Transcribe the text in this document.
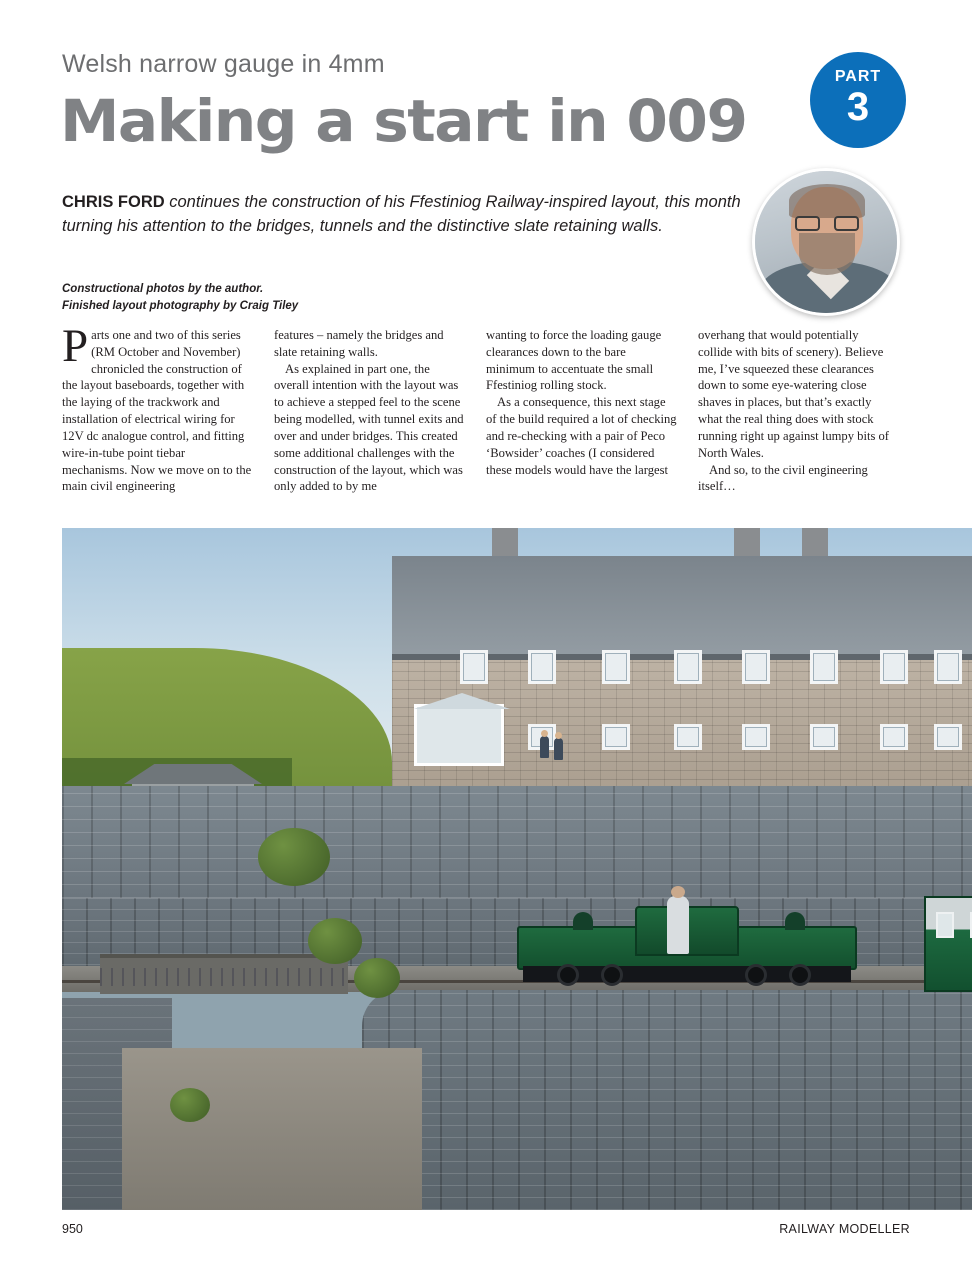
Welsh narrow gauge in 4mm
Making a start in 009
PART
3
CHRIS FORD continues the construction of his Ffestiniog Railway-inspired layout, this month turning his attention to the bridges, tunnels and the distinctive slate retaining walls.
Constructional photos by the author.
Finished layout photography by Craig Tiley

Parts one and two of this series (RM October and November) chronicled the construction of the layout baseboards, together with the laying of the trackwork and installation of electrical wiring for 12V dc analogue control, and fitting wire-in-tube point tiebar mechanisms. Now we move on to the main civil engineering

features – namely the bridges and slate retaining walls.

As explained in part one, the overall intention with the layout was to achieve a stepped feel to the scene being modelled, with tunnel exits and over and under bridges. This created some additional challenges with the construction of the layout, which was only added to by me

wanting to force the loading gauge clearances down to the bare minimum to accentuate the small Ffestiniog rolling stock.

As a consequence, this next stage of the build required a lot of checking and re-checking with a pair of Peco ‘Bowsider’ coaches (I considered these models would have the largest

overhang that would potentially collide with bits of scenery). Believe me, I’ve squeezed these clearances down to some eye-watering close shaves in places, but that’s exactly what the real thing does with stock running right up against lumpy bits of North Wales.

And so, to the civil engineering itself…

950	RAILWAY MODELLER
